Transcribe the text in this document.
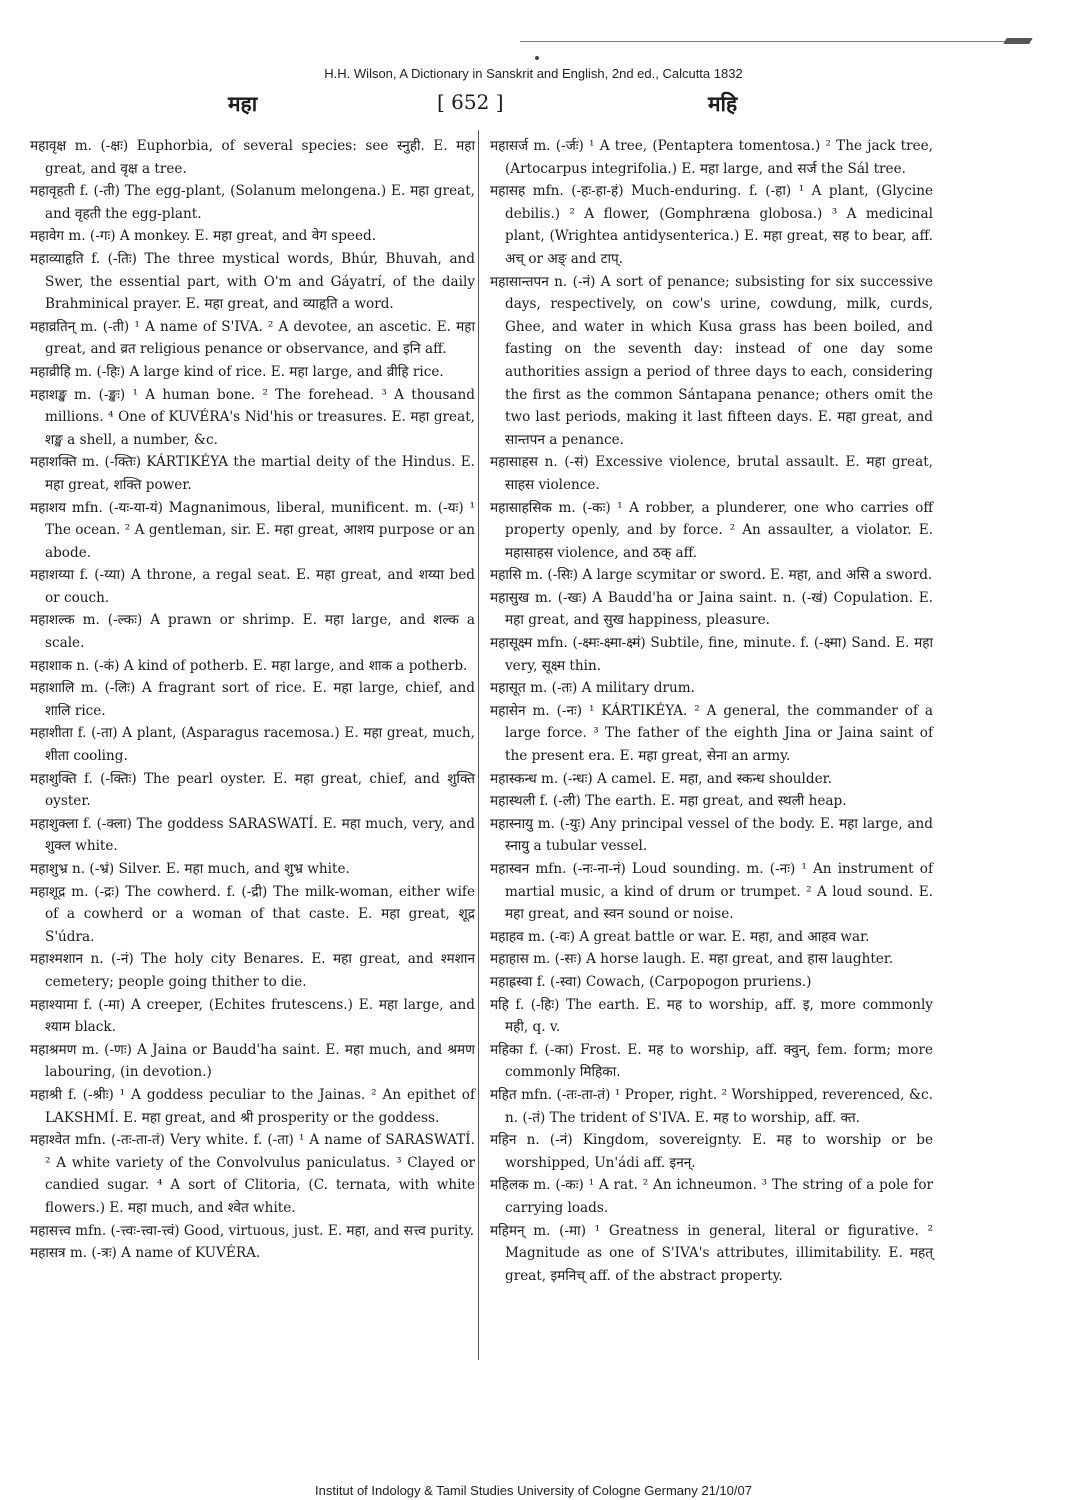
H.H. Wilson, A Dictionary in Sanskrit and English, 2nd ed., Calcutta 1832
महा	[ 652 ]	महि

महावृक्ष m. (-क्षः) Euphorbia, of several species: see स्नुही. E. महा great, and वृक्ष a tree.

महावृहती f. (-ती) The egg-plant, (Solanum melongena.) E. महा great, and वृहती the egg-plant.

महावेग m. (-गः) A monkey. E. महा great, and वेग speed.

महाव्याहृति f. (-तिः) The three mystical words, Bhúr, Bhuvah, and Swer, the essential part, with O'm and Gáyatrí, of the daily Brahminical prayer. E. महा great, and व्याहृति a word.

महाव्रतिन् m. (-ती) ¹ A name of S'IVA. ² A devotee, an ascetic. E. महा great, and व्रत religious penance or observance, and इनि aff.

महाव्रीहि m. (-हिः) A large kind of rice. E. महा large, and व्रीहि rice.

महाशङ्ख m. (-ङ्खः) ¹ A human bone. ² The forehead. ³ A thousand millions. ⁴ One of KUVÉRA's Nid'his or treasures. E. महा great, शङ्ख a shell, a number, &c.

महाशक्ति m. (-क्तिः) KÁRTIKÉYA the martial deity of the Hindus. E. महा great, शक्ति power.

महाशय mfn. (-यः-या-यं) Magnanimous, liberal, munificent. m. (-यः) ¹ The ocean. ² A gentleman, sir. E. महा great, आशय purpose or an abode.

महाशय्या f. (-य्या) A throne, a regal seat. E. महा great, and शय्या bed or couch.

महाशल्क m. (-ल्कः) A prawn or shrimp. E. महा large, and शल्क a scale.

महाशाक n. (-कं) A kind of potherb. E. महा large, and शाक a potherb.

महाशालि m. (-लिः) A fragrant sort of rice. E. महा large, chief, and शालि rice.

महाशीता f. (-ता) A plant, (Asparagus racemosa.) E. महा great, much, शीता cooling.

महाशुक्ति f. (-क्तिः) The pearl oyster. E. महा great, chief, and शुक्ति oyster.

महाशुक्ला f. (-क्ला) The goddess SARASWATÍ. E. महा much, very, and शुक्ल white.

महाशुभ्र n. (-भ्रं) Silver. E. महा much, and शुभ्र white.

महाशूद्र m. (-द्रः) The cowherd. f. (-द्री) The milk-woman, either wife of a cowherd or a woman of that caste. E. महा great, शूद्र S'údra.

महाश्मशान n. (-नं) The holy city Benares. E. महा great, and श्मशान cemetery; people going thither to die.

महाश्यामा f. (-मा) A creeper, (Echites frutescens.) E. महा large, and श्याम black.

महाश्रमण m. (-णः) A Jaina or Baudd'ha saint. E. महा much, and श्रमण labouring, (in devotion.)

महाश्री f. (-श्रीः) ¹ A goddess peculiar to the Jainas. ² An epithet of LAKSHMÍ. E. महा great, and श्री prosperity or the goddess.

महाश्वेत mfn. (-तः-ता-तं) Very white. f. (-ता) ¹ A name of SARASWATÍ. ² A white variety of the Convolvulus paniculatus. ³ Clayed or candied sugar. ⁴ A sort of Clitoria, (C. ternata, with white flowers.) E. महा much, and श्वेत white.

महासत्त्व mfn. (-त्त्वः-त्त्वा-त्त्वं) Good, virtuous, just. E. महा, and सत्त्व purity.

महासत्र m. (-त्रः) A name of KUVÉRA.

महासर्ज m. (-र्जः) ¹ A tree, (Pentaptera tomentosa.) ² The jack tree, (Artocarpus integrifolia.) E. महा large, and सर्ज the Sál tree.

महासह mfn. (-हः-हा-हं) Much-enduring. f. (-हा) ¹ A plant, (Glycine debilis.) ² A flower, (Gomphræna globosa.) ³ A medicinal plant, (Wrightea antidysenterica.) E. महा great, सह to bear, aff. अच् or अङ् and टाप्.

महासान्तपन n. (-नं) A sort of penance; subsisting for six successive days, respectively, on cow's urine, cowdung, milk, curds, Ghee, and water in which Kusa grass has been boiled, and fasting on the seventh day: instead of one day some authorities assign a period of three days to each, considering the first as the common Sántapana penance; others omit the two last periods, making it last fifteen days. E. महा great, and सान्तपन a penance.

महासाहस n. (-सं) Excessive violence, brutal assault. E. महा great, साहस violence.

महासाहसिक m. (-कः) ¹ A robber, a plunderer, one who carries off property openly, and by force. ² An assaulter, a violator. E. महासाहस violence, and ठक् aff.

महासि m. (-सिः) A large scymitar or sword. E. महा, and असि a sword.

महासुख m. (-खः) A Baudd'ha or Jaina saint. n. (-खं) Copulation. E. महा great, and सुख happiness, pleasure.

महासूक्ष्म mfn. (-क्ष्मः-क्ष्मा-क्ष्मं) Subtile, fine, minute. f. (-क्ष्मा) Sand. E. महा very, सूक्ष्म thin.

महासूत m. (-तः) A military drum.

महासेन m. (-नः) ¹ KÁRTIKÉYA. ² A general, the commander of a large force. ³ The father of the eighth Jina or Jaina saint of the present era. E. महा great, सेना an army.

महास्कन्ध m. (-न्धः) A camel. E. महा, and स्कन्ध shoulder.

महास्थली f. (-ली) The earth. E. महा great, and स्थली heap.

महास्नायु m. (-युः) Any principal vessel of the body. E. महा large, and स्नायु a tubular vessel.

महास्वन mfn. (-नः-ना-नं) Loud sounding. m. (-नः) ¹ An instrument of martial music, a kind of drum or trumpet. ² A loud sound. E. महा great, and स्वन sound or noise.

महाहव m. (-वः) A great battle or war. E. महा, and आहव war.

महाहास m. (-सः) A horse laugh. E. महा great, and हास laughter.

महाह्रस्वा f. (-स्वा) Cowach, (Carpopogon pruriens.)

महि f. (-हिः) The earth. E. मह to worship, aff. इ, more commonly मही, q. v.

महिका f. (-का) Frost. E. मह to worship, aff. क्वुन्, fem. form; more commonly मिहिका.

महित mfn. (-तः-ता-तं) ¹ Proper, right. ² Worshipped, reverenced, &c. n. (-तं) The trident of S'IVA. E. मह to worship, aff. क्त.

महिन n. (-नं) Kingdom, sovereignty. E. मह to worship or be worshipped, Un'ádi aff. इनन्.

महिलक m. (-कः) ¹ A rat. ² An ichneumon. ³ The string of a pole for carrying loads.

महिमन् m. (-मा) ¹ Greatness in general, literal or figurative. ² Magnitude as one of S'IVA's attributes, illimitability. E. महत् great, इमनिच् aff. of the abstract property.

Institut of Indology & Tamil Studies University of Cologne Germany 21/10/07
